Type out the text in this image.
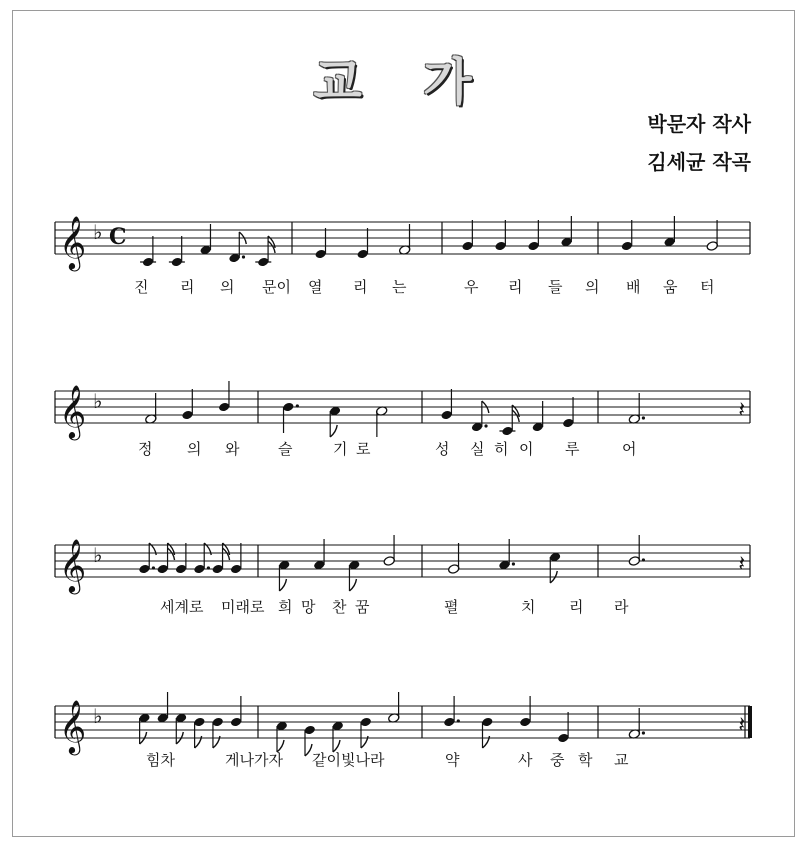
교 가
박문자 작사
김세균 작곡
𝄞 ♭ C
진 리 의 문이 열 리 는	우 리 들 의 배 움 터
𝄞 ♭	𝄽
정 의 와	슬	기 로	성 실 히 이 루	어
𝄞 ♭	𝄽
세계로 미래로 희 망 찬 꿈	펼	치 리 라
𝄞 ♭	𝄽
힘차	게나가자 같이빛나라	약	사 중 학 교
